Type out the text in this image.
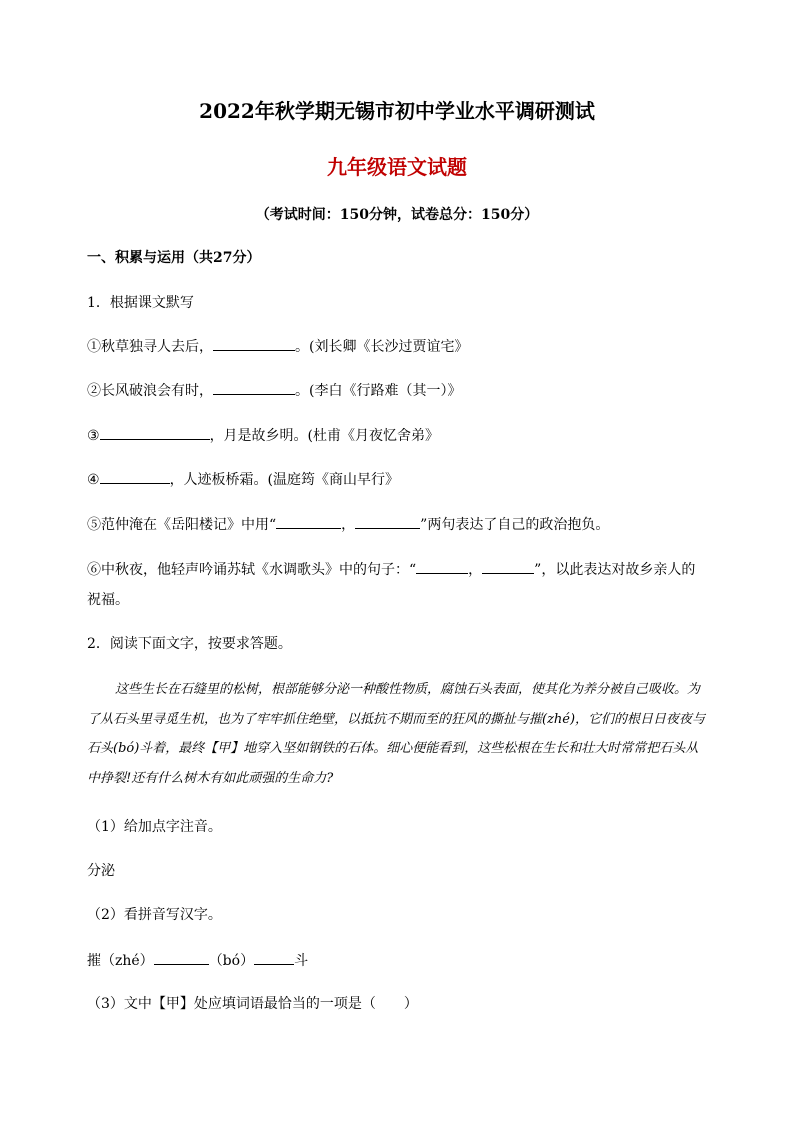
2022年秋学期无锡市初中学业水平调研测试
九年级语文试题
（考试时间：150分钟，试卷总分：150分）
一、积累与运用（共27分）
1．根据课文默写
①秋草独寻人去后，	。(刘长卿《长沙过贾谊宅》
②长风破浪会有时，	。(李白《行路难（其一）》
③	，月是故乡明。(杜甫《月夜忆舍弟》
④	，人迹板桥霜。(温庭筠《商山早行》
⑤范仲淹在《岳阳楼记》中用“	，	”两句表达了自己的政治抱负。
⑥中秋夜，他轻声吟诵苏轼《水调歌头》中的句子：“	，	”，以此表达对故乡亲人的
祝福。
2．阅读下面文字，按要求答题。
这些生长在石缝里的松树，根部能够分泌一种酸性物质，腐蚀石头表面，使其化为养分被自己吸收。为了从石头里寻觅生机，也为了牢牢抓住绝壁，以抵抗不期而至的狂风的撕扯与摧(zhé)，它们的根日日夜夜与石头(bó)斗着，最终【甲】地穿入坚如钢铁的石体。细心便能看到，这些松根在生长和壮大时常常把石头从中挣裂!还有什么树木有如此顽强的生命力?
（1）给加点字注音。
分泌
（2）看拼音写汉字。
摧（zhé）	（bó）	斗
（3）文中【甲】处应填词语最恰当的一项是（　　）
